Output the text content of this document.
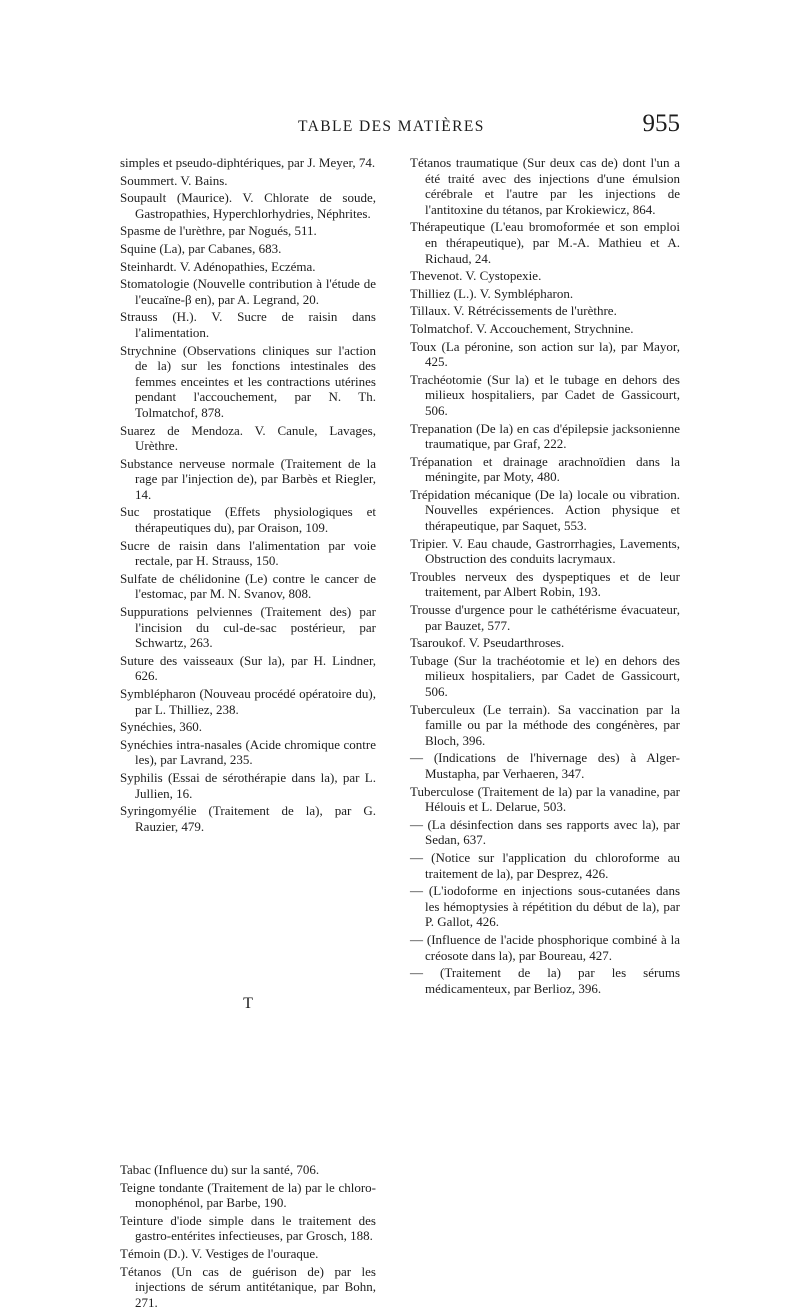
TABLE DES MATIÈRES	955

simples et pseudo-diphtériques, par J. Meyer, 74.

Soummert. V. Bains.

Soupault (Maurice). V. Chlorate de soude, Gastropathies, Hyperchlorhydries, Néphrites.

Spasme de l'urèthre, par Nogués, 511.

Squine (La), par Cabanes, 683.

Steinhardt. V. Adénopathies, Eczéma.

Stomatologie (Nouvelle contribution à l'étude de l'eucaïne-β en), par A. Legrand, 20.

Strauss (H.). V. Sucre de raisin dans l'alimentation.

Strychnine (Observations cliniques sur l'action de la) sur les fonctions intestinales des femmes enceintes et les contractions utérines pendant l'accouchement, par N. Th. Tolmatchof, 878.

Suarez de Mendoza. V. Canule, Lavages, Urèthre.

Substance nerveuse normale (Traitement de la rage par l'injection de), par Barbès et Riegler, 14.

Suc prostatique (Effets physiologiques et thérapeutiques du), par Oraison, 109.

Sucre de raisin dans l'alimentation par voie rectale, par H. Strauss, 150.

Sulfate de chélidonine (Le) contre le cancer de l'estomac, par M. N. Svanov, 808.

Suppurations pelviennes (Traitement des) par l'incision du cul-de-sac postérieur, par Schwartz, 263.

Suture des vaisseaux (Sur la), par H. Lindner, 626.

Symblépharon (Nouveau procédé opératoire du), par L. Thilliez, 238.

Synéchies, 360.

Synéchies intra-nasales (Acide chromique contre les), par Lavrand, 235.

Syphilis (Essai de sérothérapie dans la), par L. Jullien, 16.

Syringomyélie (Traitement de la), par G. Rauzier, 479.

T

Tabac (Influence du) sur la santé, 706.

Teigne tondante (Traitement de la) par le chloro-monophénol, par Barbe, 190.

Teinture d'iode simple dans le traitement des gastro-entérites infectieuses, par Grosch, 188.

Témoin (D.). V. Vestiges de l'ouraque.

Tétanos (Un cas de guérison de) par les injections de sérum antitétanique, par Bohn, 271.

Tétanos traumatique (Sur deux cas de) dont l'un a été traité avec des injections d'une émulsion cérébrale et l'autre par les injections de l'antitoxine du tétanos, par Krokiewicz, 864.

Thérapeutique (L'eau bromoformée et son emploi en thérapeutique), par M.-A. Mathieu et A. Richaud, 24.

Thevenot. V. Cystopexie.

Thilliez (L.). V. Symblépharon.

Tillaux. V. Rétrécissements de l'urèthre.

Tolmatchof. V. Accouchement, Strychnine.

Toux (La péronine, son action sur la), par Mayor, 425.

Trachéotomie (Sur la) et le tubage en dehors des milieux hospitaliers, par Cadet de Gassicourt, 506.

Trepanation (De la) en cas d'épilepsie jacksonienne traumatique, par Graf, 222.

Trépanation et drainage arachnoïdien dans la méningite, par Moty, 480.

Trépidation mécanique (De la) locale ou vibration. Nouvelles expériences. Action physique et thérapeutique, par Saquet, 553.

Tripier. V. Eau chaude, Gastrorrhagies, Lavements, Obstruction des conduits lacrymaux.

Troubles nerveux des dyspeptiques et de leur traitement, par Albert Robin, 193.

Trousse d'urgence pour le cathétérisme évacuateur, par Bauzet, 577.

Tsaroukof. V. Pseudarthroses.

Tubage (Sur la trachéotomie et le) en dehors des milieux hospitaliers, par Cadet de Gassicourt, 506.

Tuberculeux (Le terrain). Sa vaccination par la famille ou par la méthode des congénères, par Bloch, 396.

— (Indications de l'hivernage des) à Alger-Mustapha, par Verhaeren, 347.

Tuberculose (Traitement de la) par la vanadine, par Hélouis et L. Delarue, 503.

— (La désinfection dans ses rapports avec la), par Sedan, 637.

— (Notice sur l'application du chloroforme au traitement de la), par Desprez, 426.

— (L'iodoforme en injections sous-cutanées dans les hémoptysies à répétition du début de la), par P. Gallot, 426.

— (Influence de l'acide phosphorique combiné à la créosote dans la), par Boureau, 427.

— (Traitement de la) par les sérums médicamenteux, par Berlioz, 396.
